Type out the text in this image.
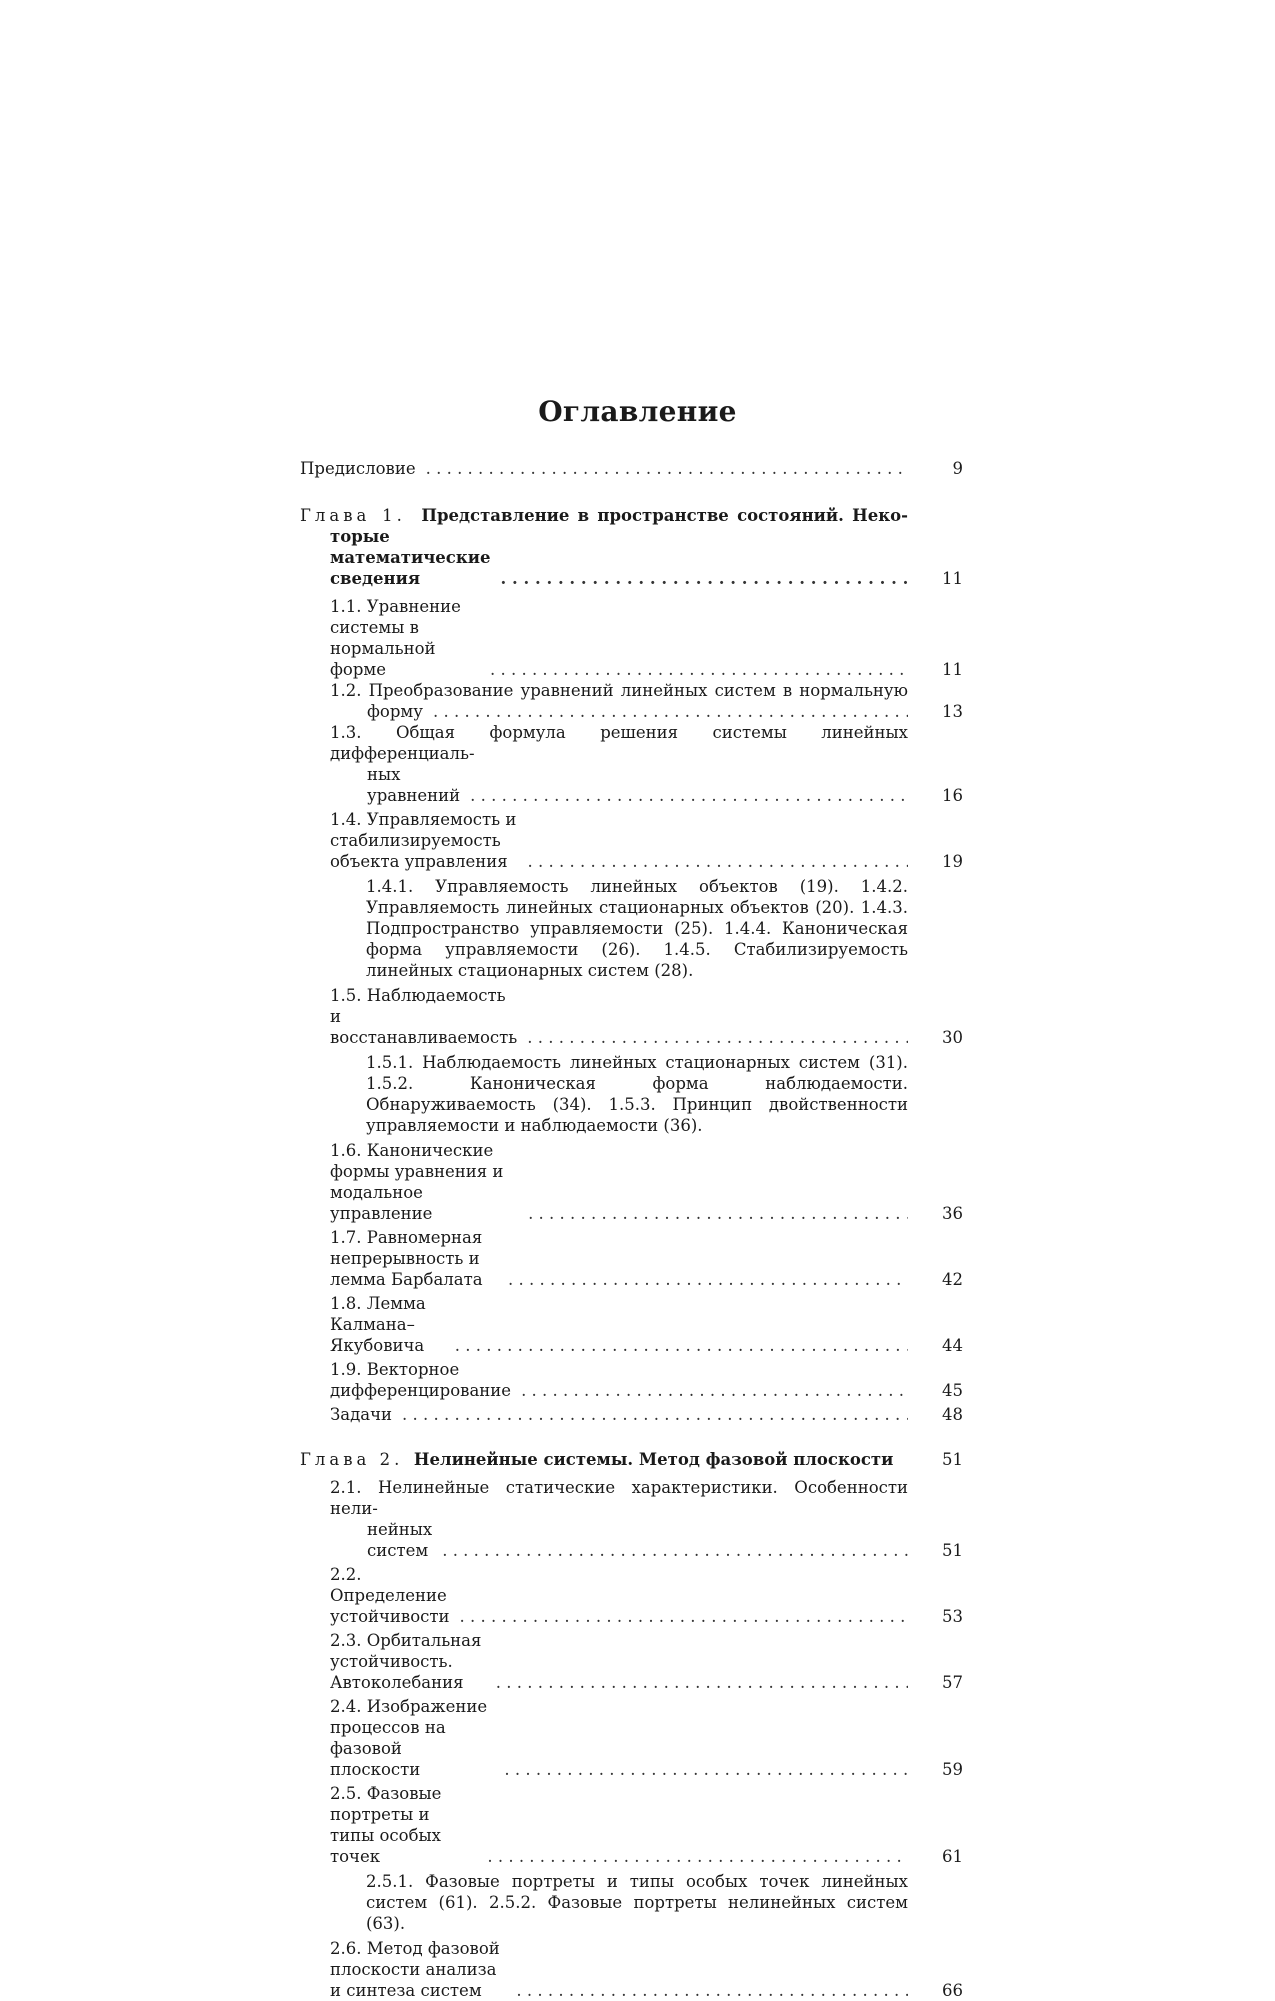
Оглавление
Предисловие . . .	9
Глава 1. Представление в пространстве состояний. Неко-
торые математические сведения . . .	11
1.1. Уравнение системы в нормальной форме . . .	11
1.2. Преобразование уравнений линейных систем в нормальную
форму . . .	13
1.3. Общая формула решения системы линейных дифференциаль-
ных уравнений . . .	16
1.4. Управляемость и стабилизируемость объекта управления . . .	19
1.4.1. Управляемость линейных объектов (19). 1.4.2. Управляемость линейных стационарных объектов (20). 1.4.3. Подпространство управляемости (25). 1.4.4. Каноническая форма управляемости (26). 1.4.5. Стабилизируемость линейных стационарных систем (28).
1.5. Наблюдаемость и восстанавливаемость . . .	30
1.5.1. Наблюдаемость линейных стационарных систем (31). 1.5.2. Каноническая форма наблюдаемости. Обнаруживаемость (34). 1.5.3. Принцип двойственности управляемости и наблюдаемости (36).
1.6. Канонические формы уравнения и модальное управление . . .	36
1.7. Равномерная непрерывность и лемма Барбалата . . .	42
1.8. Лемма Калмана–Якубовича . . .	44
1.9. Векторное дифференцирование . . .	45
Задачи . . .	48
Глава 2. Нелинейные системы. Метод фазовой плоскости	51
2.1. Нелинейные статические характеристики. Особенности нели-
нейных систем . . .	51
2.2. Определение устойчивости . . .	53
2.3. Орбитальная устойчивость. Автоколебания . . .	57
2.4. Изображение процессов на фазовой плоскости . . .	59
2.5. Фазовые портреты и типы особых точек . . .	61
2.5.1. Фазовые портреты и типы особых точек линейных систем (61). 2.5.2. Фазовые портреты нелинейных систем (63).
2.6. Метод фазовой плоскости анализа и синтеза систем . . .	66
